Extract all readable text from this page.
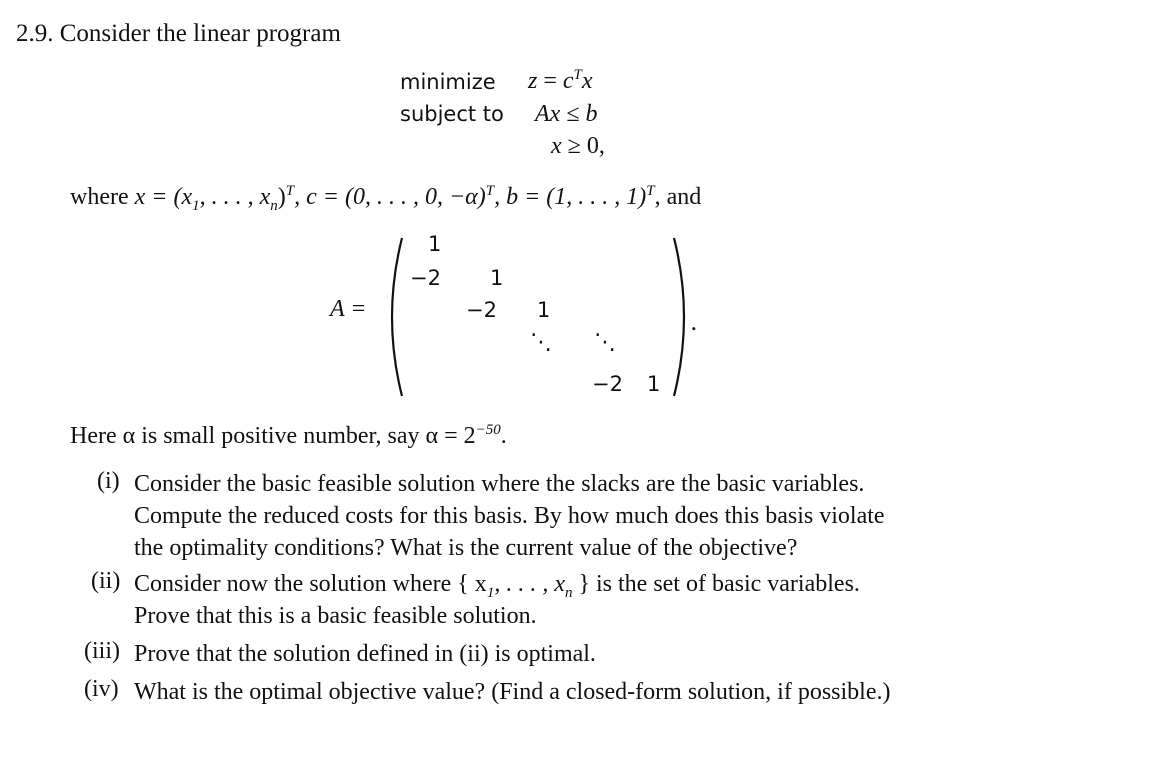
2.9. Consider the linear program
minimize
subject to
$z = c^Tx$
Ax ≤ b
x ≥ 0,
where $x = (x_1$, . . . , $x_n)^T$, c = (0, . . . , 0, −α)$^T$, b = (1, . . . , 1)$^T$, and
A =
1
−2 1
−2 1
⋱ ⋱
−2 1
.
Here α is small positive number, say $\alpha = 2^{-50}$.
(i) Consider the basic feasible solution where the slacks are the basic variables.
Compute the reduced costs for this basis. By how much does this basis violate
the optimality conditions? What is the current value of the objective?
(ii) Consider now the solution where { $x_1$, . . . , $x_n$ } is the set of basic variables.
Prove that this is a basic feasible solution.
(iii) Prove that the solution defined in (ii) is optimal.
(iv) What is the optimal objective value? (Find a closed-form solution, if possible.)
